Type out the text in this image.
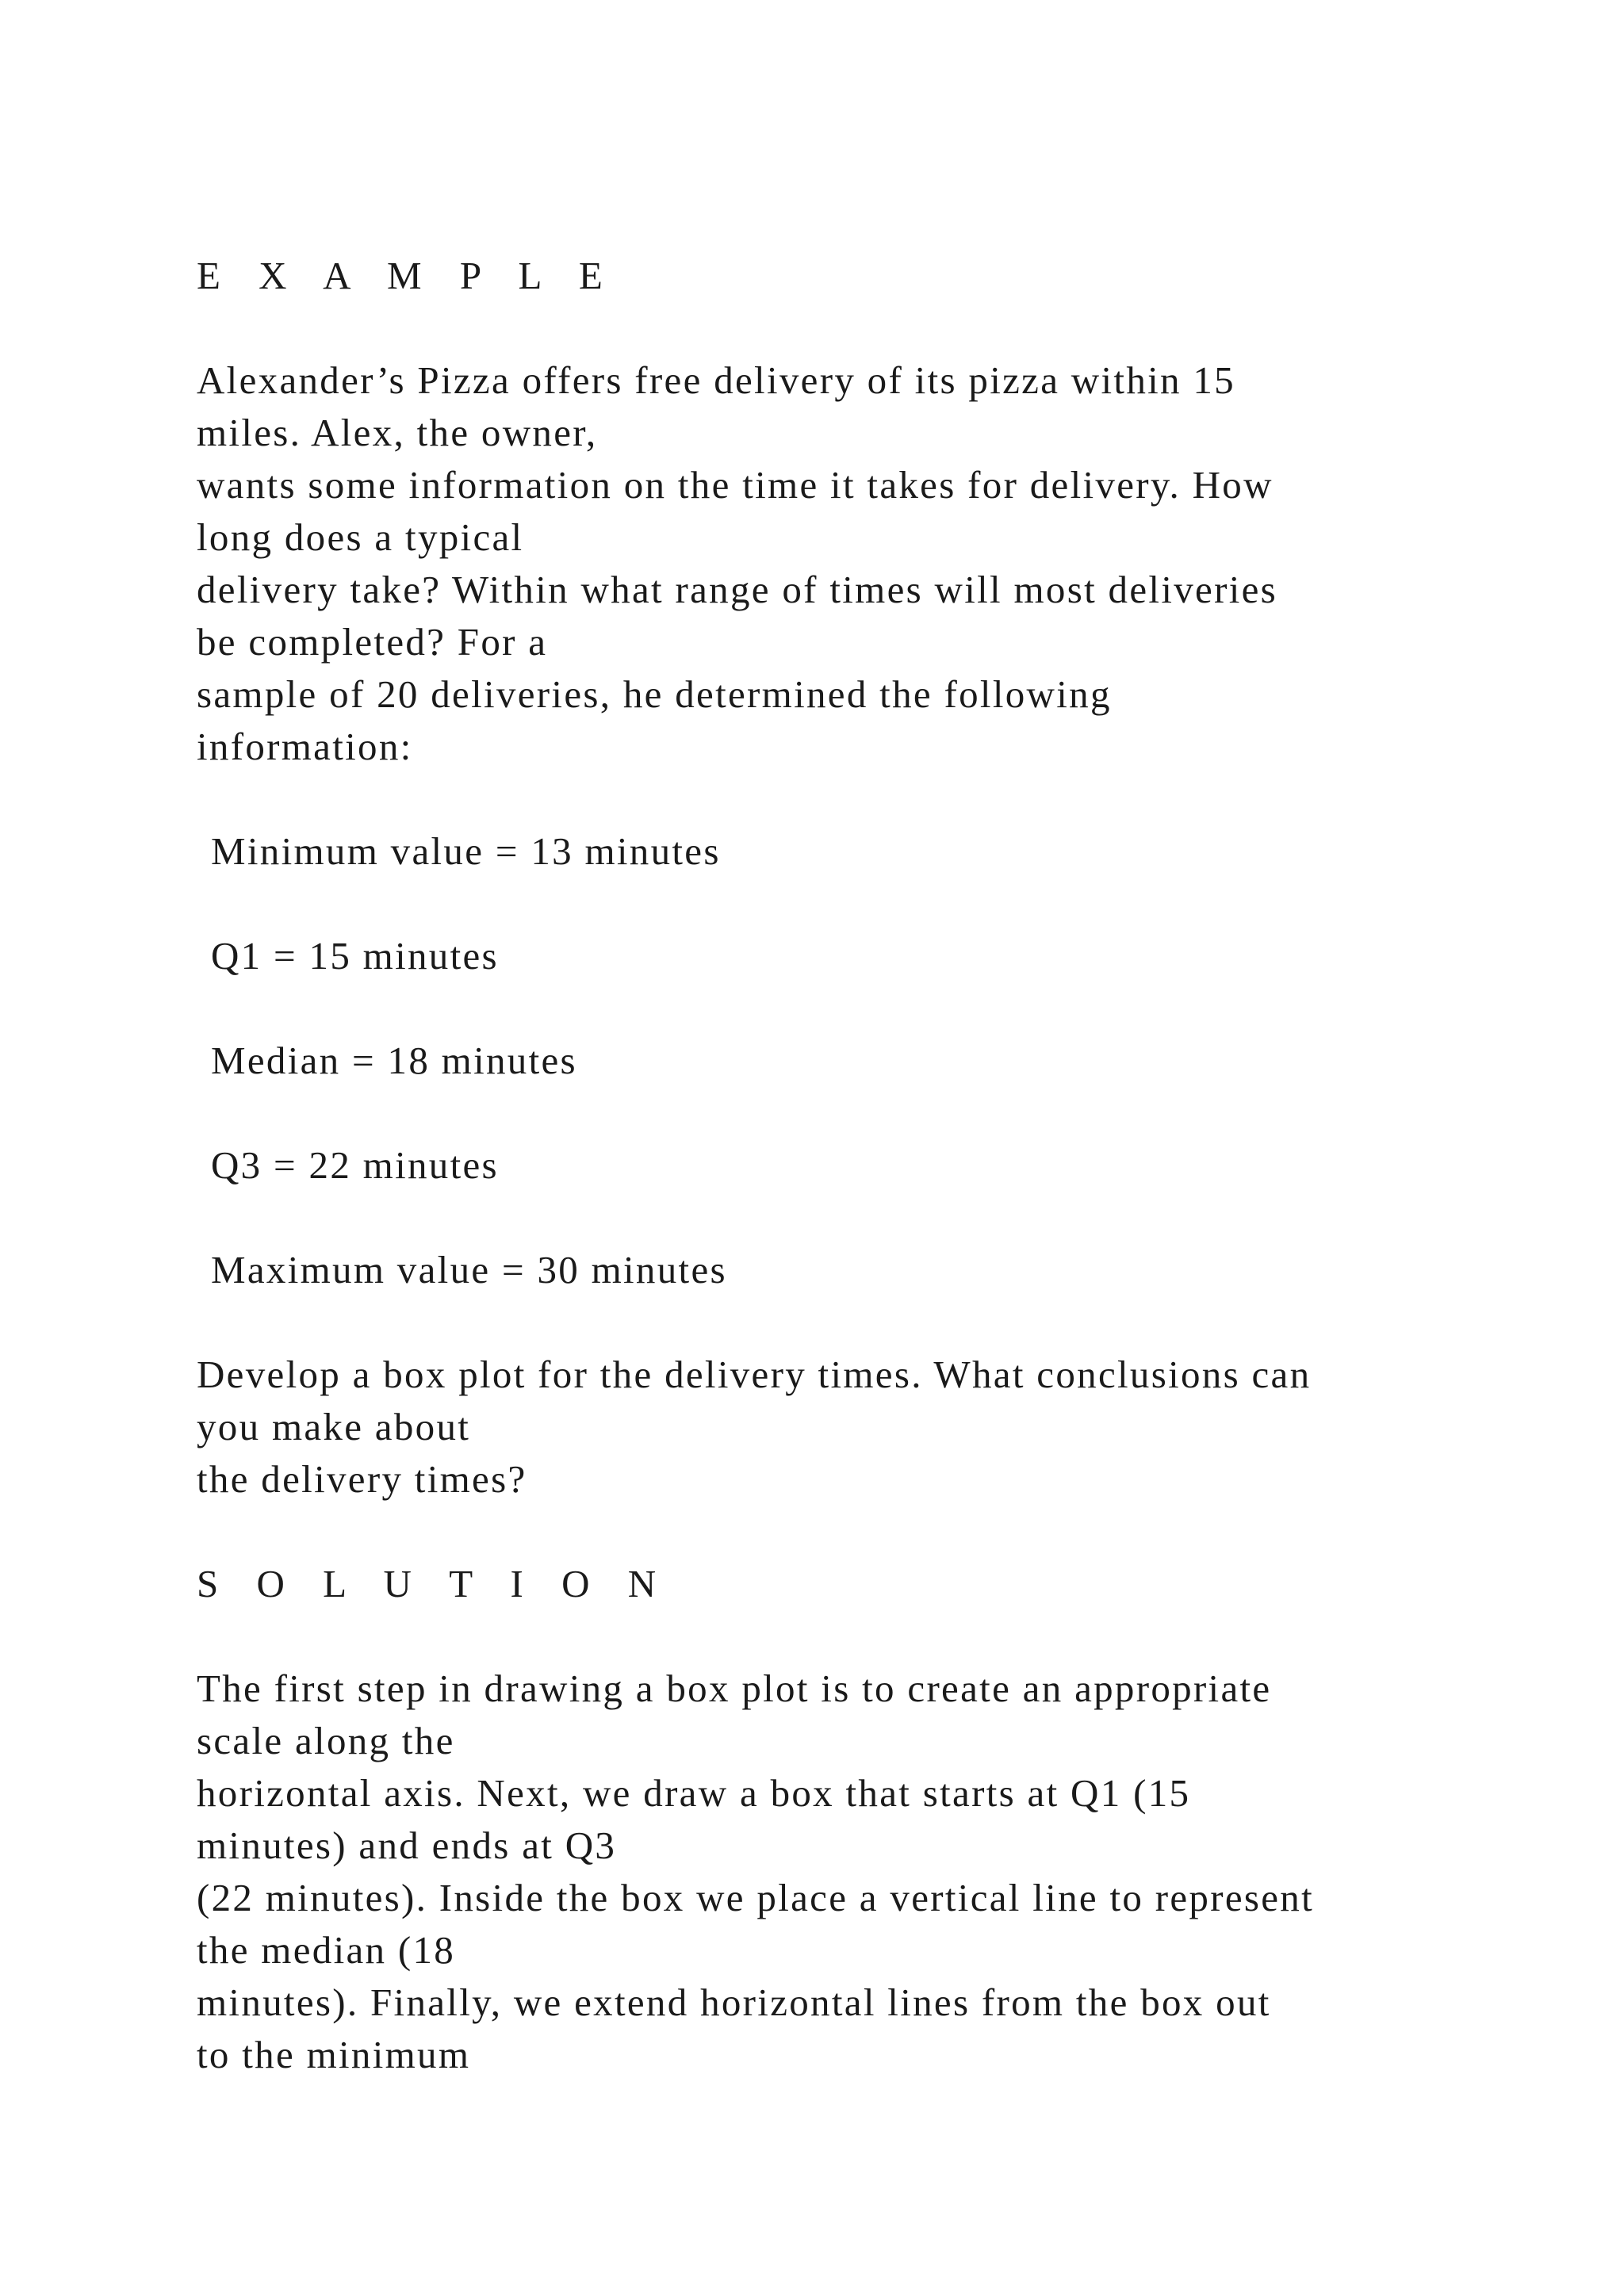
E X A M P L E

Alexander’s Pizza offers free delivery of its pizza within 15

miles. Alex, the owner,

wants some information on the time it takes for delivery. How

long does a typical

delivery take? Within what range of times will most deliveries

be completed? For a

sample of 20 deliveries, he determined the following

information:

Minimum value = 13 minutes

Q1 = 15 minutes

Median = 18 minutes

Q3 = 22 minutes

Maximum value = 30 minutes

Develop a box plot for the delivery times. What conclusions can

you make about

the delivery times?

S O L U T I O N

The first step in drawing a box plot is to create an appropriate

scale along the

horizontal axis. Next, we draw a box that starts at Q1 (15

minutes) and ends at Q3

(22 minutes). Inside the box we place a vertical line to represent

the median (18

minutes). Finally, we extend horizontal lines from the box out

to the minimum
